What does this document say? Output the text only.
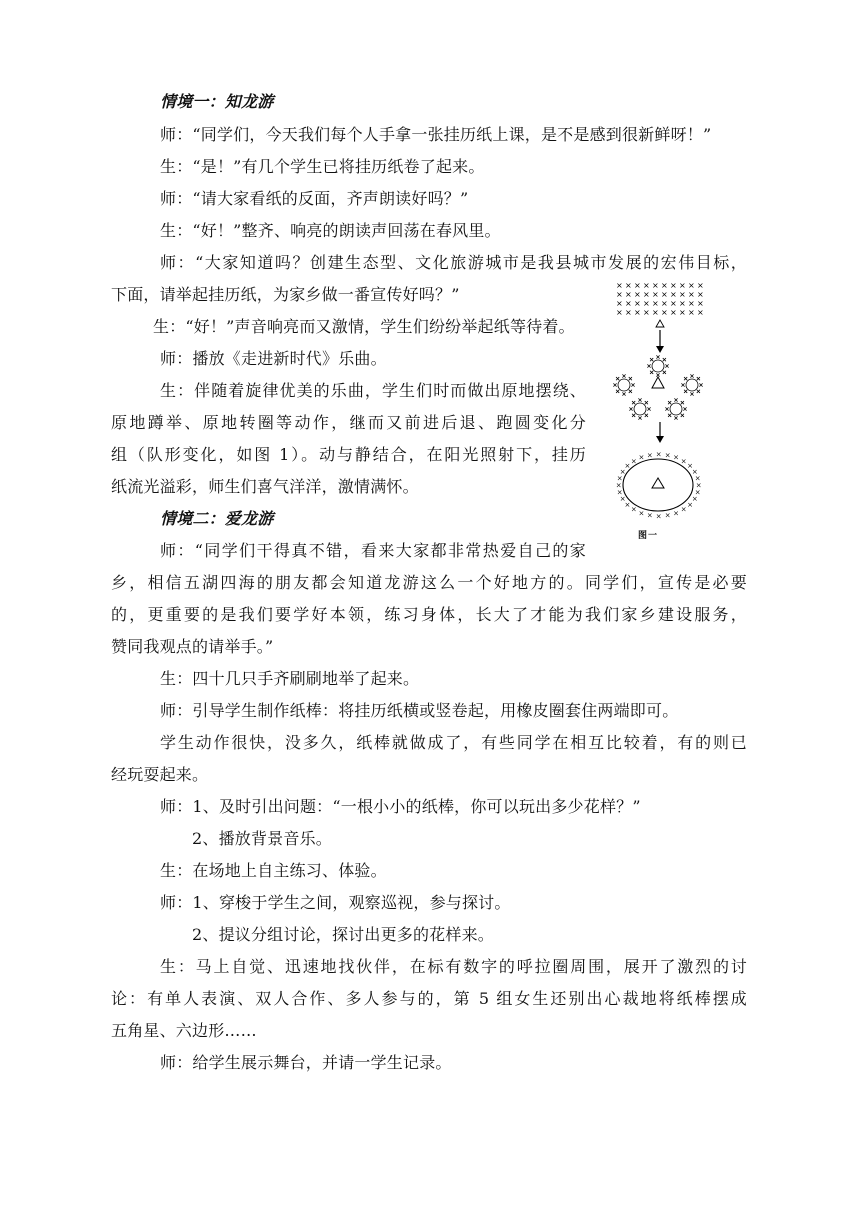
情境一：知龙游
师：“同学们，今天我们每个人手拿一张挂历纸上课，是不是感到很新鲜呀！”
生：“是！”有几个学生已将挂历纸卷了起来。
师：“请大家看纸的反面，齐声朗读好吗？”
生：“好！”整齐、响亮的朗读声回荡在春风里。
师：“大家知道吗？创建生态型、文化旅游城市是我县城市发展的宏伟目标，
下面，请举起挂历纸，为家乡做一番宣传好吗？”
生：“好！”声音响亮而又激情，学生们纷纷举起纸等待着。
师：播放《走进新时代》乐曲。
生：伴随着旋律优美的乐曲，学生们时而做出原地摆绕、
原地蹲举、原地转圈等动作，继而又前进后退、跑圆变化分
组（队形变化，如图 1）。动与静结合，在阳光照射下，挂历
纸流光溢彩，师生们喜气洋洋，激情满怀。
情境二：爱龙游
师：“同学们干得真不错，看来大家都非常热爱自己的家
乡，相信五湖四海的朋友都会知道龙游这么一个好地方的。同学们，宣传是必要
的，更重要的是我们要学好本领，练习身体，长大了才能为我们家乡建设服务，
赞同我观点的请举手。”
生：四十几只手齐刷刷地举了起来。
师：引导学生制作纸棒：将挂历纸横或竖卷起，用橡皮圈套住两端即可。
学生动作很快，没多久，纸棒就做成了，有些同学在相互比较着，有的则已
经玩耍起来。
师：1、及时引出问题：“一根小小的纸棒，你可以玩出多少花样？”
2、播放背景音乐。
生：在场地上自主练习、体验。
师：1、穿梭于学生之间，观察巡视，参与探讨。
2、提议分组讨论，探讨出更多的花样来。
生：马上自觉、迅速地找伙伴，在标有数字的呼拉圈周围，展开了激烈的讨
论：有单人表演、双人合作、多人参与的，第 5 组女生还别出心裁地将纸棒摆成
五角星、六边形……
师：给学生展示舞台，并请一学生记录。
× × × × × × × × × ×
× × × × × × × × × ×
× × × × × × × × × ×
× × × × × × × × × ×
×
×
×
×
×
×
×
×
×
×
×
×
×
×
×
×
×
×
× × × × × × ×
×
×
×
图一
